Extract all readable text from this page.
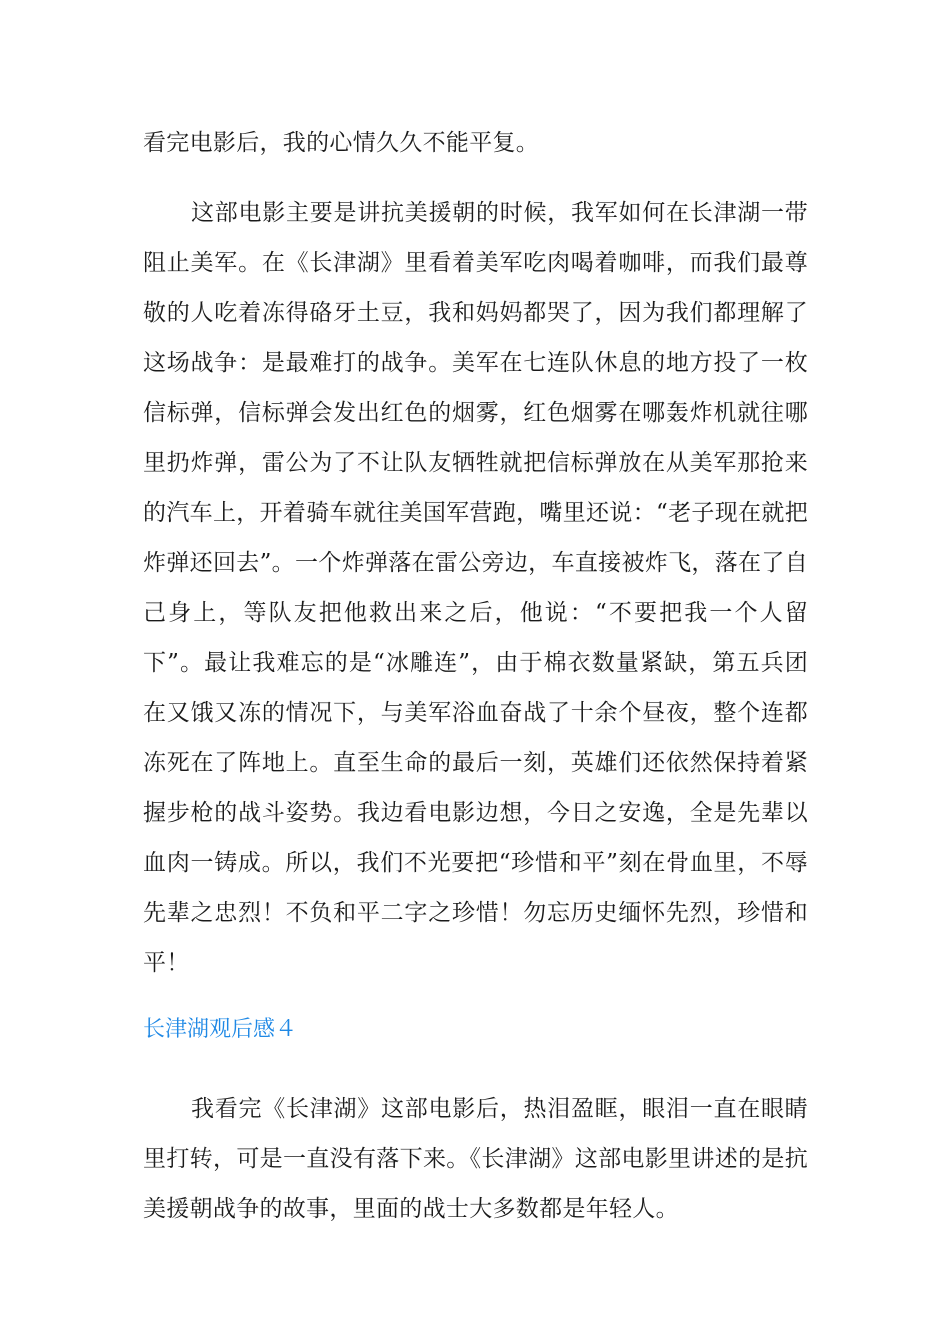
看完电影后，我的心情久久不能平复。

这部电影主要是讲抗美援朝的时候，我军如何在长津湖一带阻止美军。在《长津湖》里看着美军吃肉喝着咖啡，而我们最尊敬的人吃着冻得硌牙土豆，我和妈妈都哭了，因为我们都理解了这场战争：是最难打的战争。美军在七连队休息的地方投了一枚信标弹，信标弹会发出红色的烟雾，红色烟雾在哪轰炸机就往哪里扔炸弹，雷公为了不让队友牺牲就把信标弹放在从美军那抢来的汽车上，开着骑车就往美国军营跑，嘴里还说：“老子现在就把炸弹还回去”。一个炸弹落在雷公旁边，车直接被炸飞，落在了自己身上，等队友把他救出来之后，他说：“不要把我一个人留下”。最让我难忘的是“冰雕连”，由于棉衣数量紧缺，第五兵团在又饿又冻的情况下，与美军浴血奋战了十余个昼夜，整个连都冻死在了阵地上。直至生命的最后一刻，英雄们还依然保持着紧握步枪的战斗姿势。我边看电影边想，今日之安逸，全是先辈以血肉一铸成。所以，我们不光要把“珍惜和平”刻在骨血里，不辱先辈之忠烈！不负和平二字之珍惜！勿忘历史缅怀先烈，珍惜和平！

长津湖观后感４

我看完《长津湖》这部电影后，热泪盈眶，眼泪一直在眼睛里打转，可是一直没有落下来。《长津湖》这部电影里讲述的是抗美援朝战争的故事，里面的战士大多数都是年轻人。
